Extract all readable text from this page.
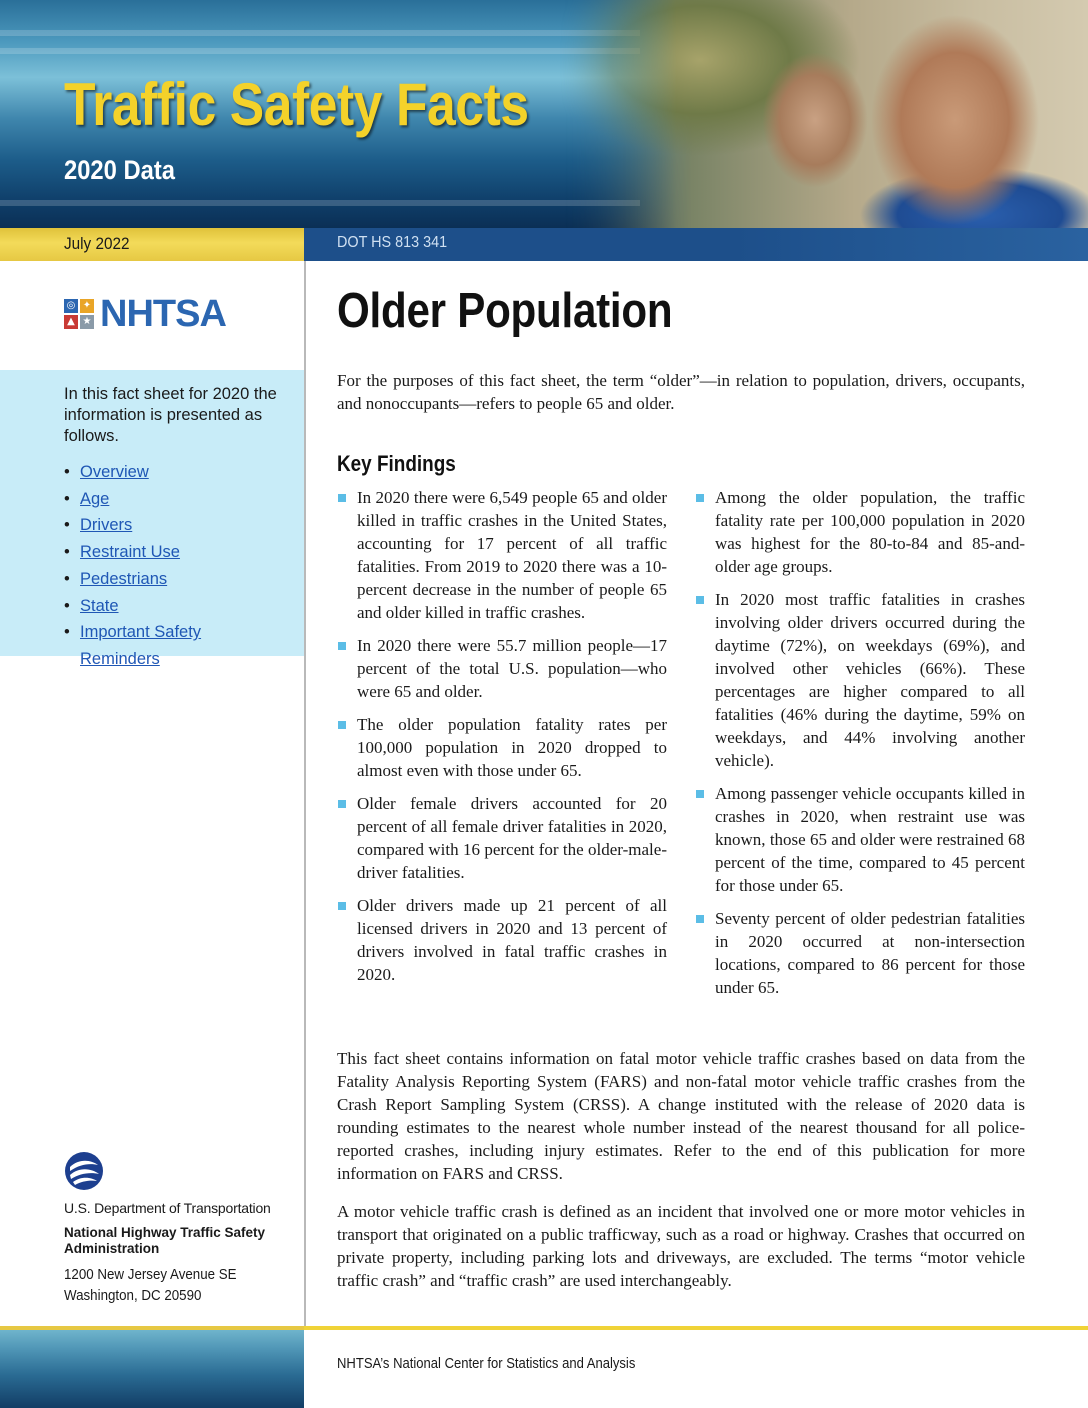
Traffic Safety Facts
2020 Data
July 2022	DOT HS 813 341
◎ ✦
▲ ★ NHTSA
In this fact sheet for 2020 the information is presented as follows.
• Overview
• Age
• Drivers
• Restraint Use
• Pedestrians
• State
• Important Safety Reminders
U.S. Department of Transportation
National Highway Traffic Safety
Administration
1200 New Jersey Avenue SE
Washington, DC 20590
Older Population
For the purposes of this fact sheet, the term “older”—in relation to population, drivers, occupants, and nonoccupants—refers to people 65 and older.
Key Findings
In 2020 there were 6,549 people 65 and older killed in traffic crashes in the United States, accounting for 17 percent of all traffic fatalities. From 2019 to 2020 there was a 10-percent decrease in the number of people 65 and older killed in traffic crashes.
In 2020 there were 55.7 million people—17 percent of the total U.S. population—who were 65 and older.
The older population fatality rates per 100,000 population in 2020 dropped to almost even with those under 65.
Older female drivers accounted for 20 percent of all female driver fatalities in 2020, compared with 16 percent for the older-male-driver fatalities.
Older drivers made up 21 percent of all licensed drivers in 2020 and 13 percent of drivers involved in fatal traffic crashes in 2020.
Among the older population, the traffic fatality rate per 100,000 population in 2020 was highest for the 80-to-84 and 85-and-older age groups.
In 2020 most traffic fatalities in crashes involving older drivers occurred during the daytime (72%), on weekdays (69%), and involved other vehicles (66%). These percentages are higher compared to all fatalities (46% during the daytime, 59% on weekdays, and 44% involving another vehicle).
Among passenger vehicle occupants killed in crashes in 2020, when restraint use was known, those 65 and older were restrained 68 percent of the time, compared to 45 percent for those under 65.
Seventy percent of older pedestrian fatalities in 2020 occurred at non-intersection locations, compared to 86 percent for those under 65.
This fact sheet contains information on fatal motor vehicle traffic crashes based on data from the Fatality Analysis Reporting System (FARS) and non-fatal motor vehicle traffic crashes from the Crash Report Sampling System (CRSS). A change instituted with the release of 2020 data is rounding estimates to the nearest whole number instead of the nearest thousand for all police-reported crashes, including injury estimates. Refer to the end of this publication for more information on FARS and CRSS.
A motor vehicle traffic crash is defined as an incident that involved one or more motor vehicles in transport that originated on a public trafficway, such as a road or highway. Crashes that occurred on private property, including parking lots and driveways, are excluded. The terms “motor vehicle traffic crash” and “traffic crash” are used interchangeably.
NHTSA’s National Center for Statistics and Analysis
